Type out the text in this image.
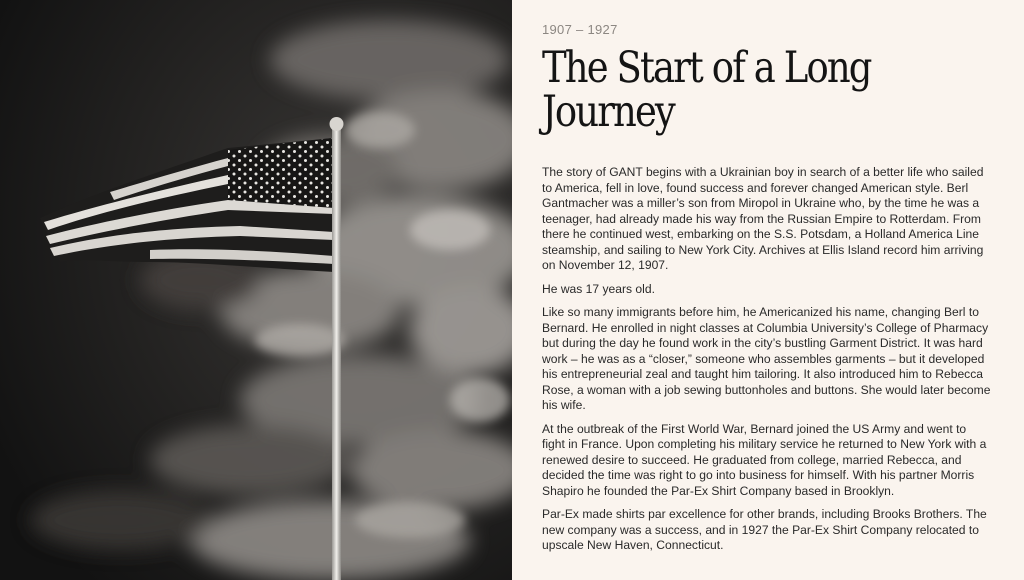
1907 – 1927

The Start of a Long
Journey

The story of GANT begins with a Ukrainian boy in search of a better life who sailed to America, fell in love, found success and forever changed American style. Berl Gantmacher was a miller’s son from Miropol in Ukraine who, by the time he was a teenager, had already made his way from the Russian Empire to Rotterdam. From there he continued west, embarking on the S.S. Potsdam, a Holland America Line steamship, and sailing to New York City. Archives at Ellis Island record him arriving on November 12, 1907.

He was 17 years old.

Like so many immigrants before him, he Americanized his name, changing Berl to Bernard. He enrolled in night classes at Columbia University’s College of Pharmacy but during the day he found work in the city’s bustling Garment District. It was hard work – he was as a “closer,” someone who assembles garments – but it developed his entrepreneurial zeal and taught him tailoring. It also introduced him to Rebecca Rose, a woman with a job sewing buttonholes and buttons. She would later become his wife.

At the outbreak of the First World War, Bernard joined the US Army and went to fight in France. Upon completing his military service he returned to New York with a renewed desire to succeed. He graduated from college, married Rebecca, and decided the time was right to go into business for himself. With his partner Morris Shapiro he founded the Par-Ex Shirt Company based in Brooklyn.

Par-Ex made shirts par excellence for other brands, including Brooks Brothers. The new company was a success, and in 1927 the Par-Ex Shirt Company relocated to upscale New Haven, Connecticut.
